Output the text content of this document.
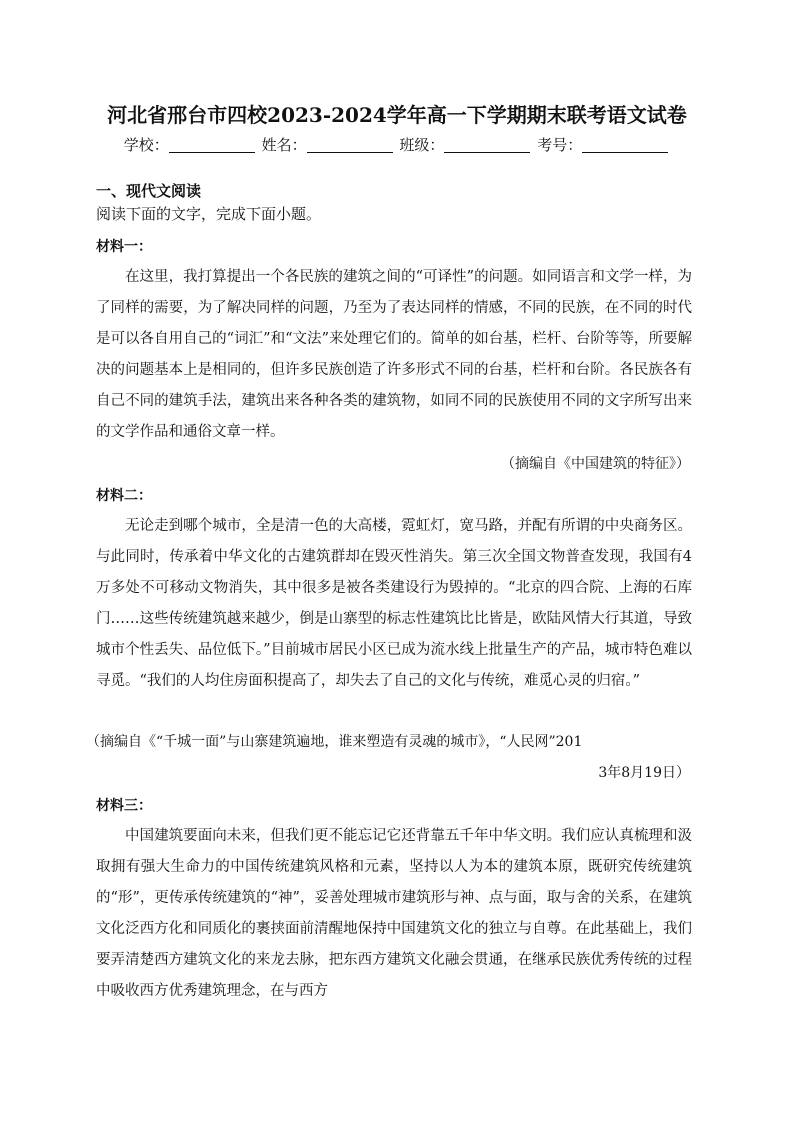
河北省邢台市四校2023-2024学年高一下学期期末联考语文试卷
学校：	姓名：	班级：	考号：
一、现代文阅读
阅读下面的文字，完成下面小题。
材料一：

在这里，我打算提出一个各民族的建筑之间的“可译性”的问题。如同语言和文学一样，为了同样的需要，为了解决同样的问题，乃至为了表达同样的情感，不同的民族，在不同的时代是可以各自用自己的“词汇”和“文法”来处理它们的。简单的如台基，栏杆、台阶等等，所要解决的问题基本上是相同的，但许多民族创造了许多形式不同的台基，栏杆和台阶。各民族各有自己不同的建筑手法，建筑出来各种各类的建筑物，如同不同的民族使用不同的文字所写出来的文学作品和通俗文章一样。

（摘编自《中国建筑的特征》）
材料二：

无论走到哪个城市，全是清一色的大高楼，霓虹灯，宽马路，并配有所谓的中央商务区。与此同时，传承着中华文化的古建筑群却在毁灭性消失。第三次全国文物普查发现，我国有4万多处不可移动文物消失，其中很多是被各类建设行为毁掉的。“北京的四合院、上海的石库门……这些传统建筑越来越少，倒是山寨型的标志性建筑比比皆是，欧陆风情大行其道，导致城市个性丢失、品位低下。”目前城市居民小区已成为流水线上批量生产的产品，城市特色难以寻觅。“我们的人均住房面积提高了，却失去了自己的文化与传统，难觅心灵的归宿。”

（摘编自《“千城一面”与山寨建筑遍地，谁来塑造有灵魂的城市》，“人民网”201
3年8月19日）
材料三：

中国建筑要面向未来，但我们更不能忘记它还背靠五千年中华文明。我们应认真梳理和汲取拥有强大生命力的中国传统建筑风格和元素，坚持以人为本的建筑本原，既研究传统建筑的“形”，更传承传统建筑的“神”，妥善处理城市建筑形与神、点与面，取与舍的关系，在建筑文化泛西方化和同质化的裹挟面前清醒地保持中国建筑文化的独立与自尊。在此基础上，我们要弄清楚西方建筑文化的来龙去脉，把东西方建筑文化融会贯通，在继承民族优秀传统的过程中吸收西方优秀建筑理念，在与西方
